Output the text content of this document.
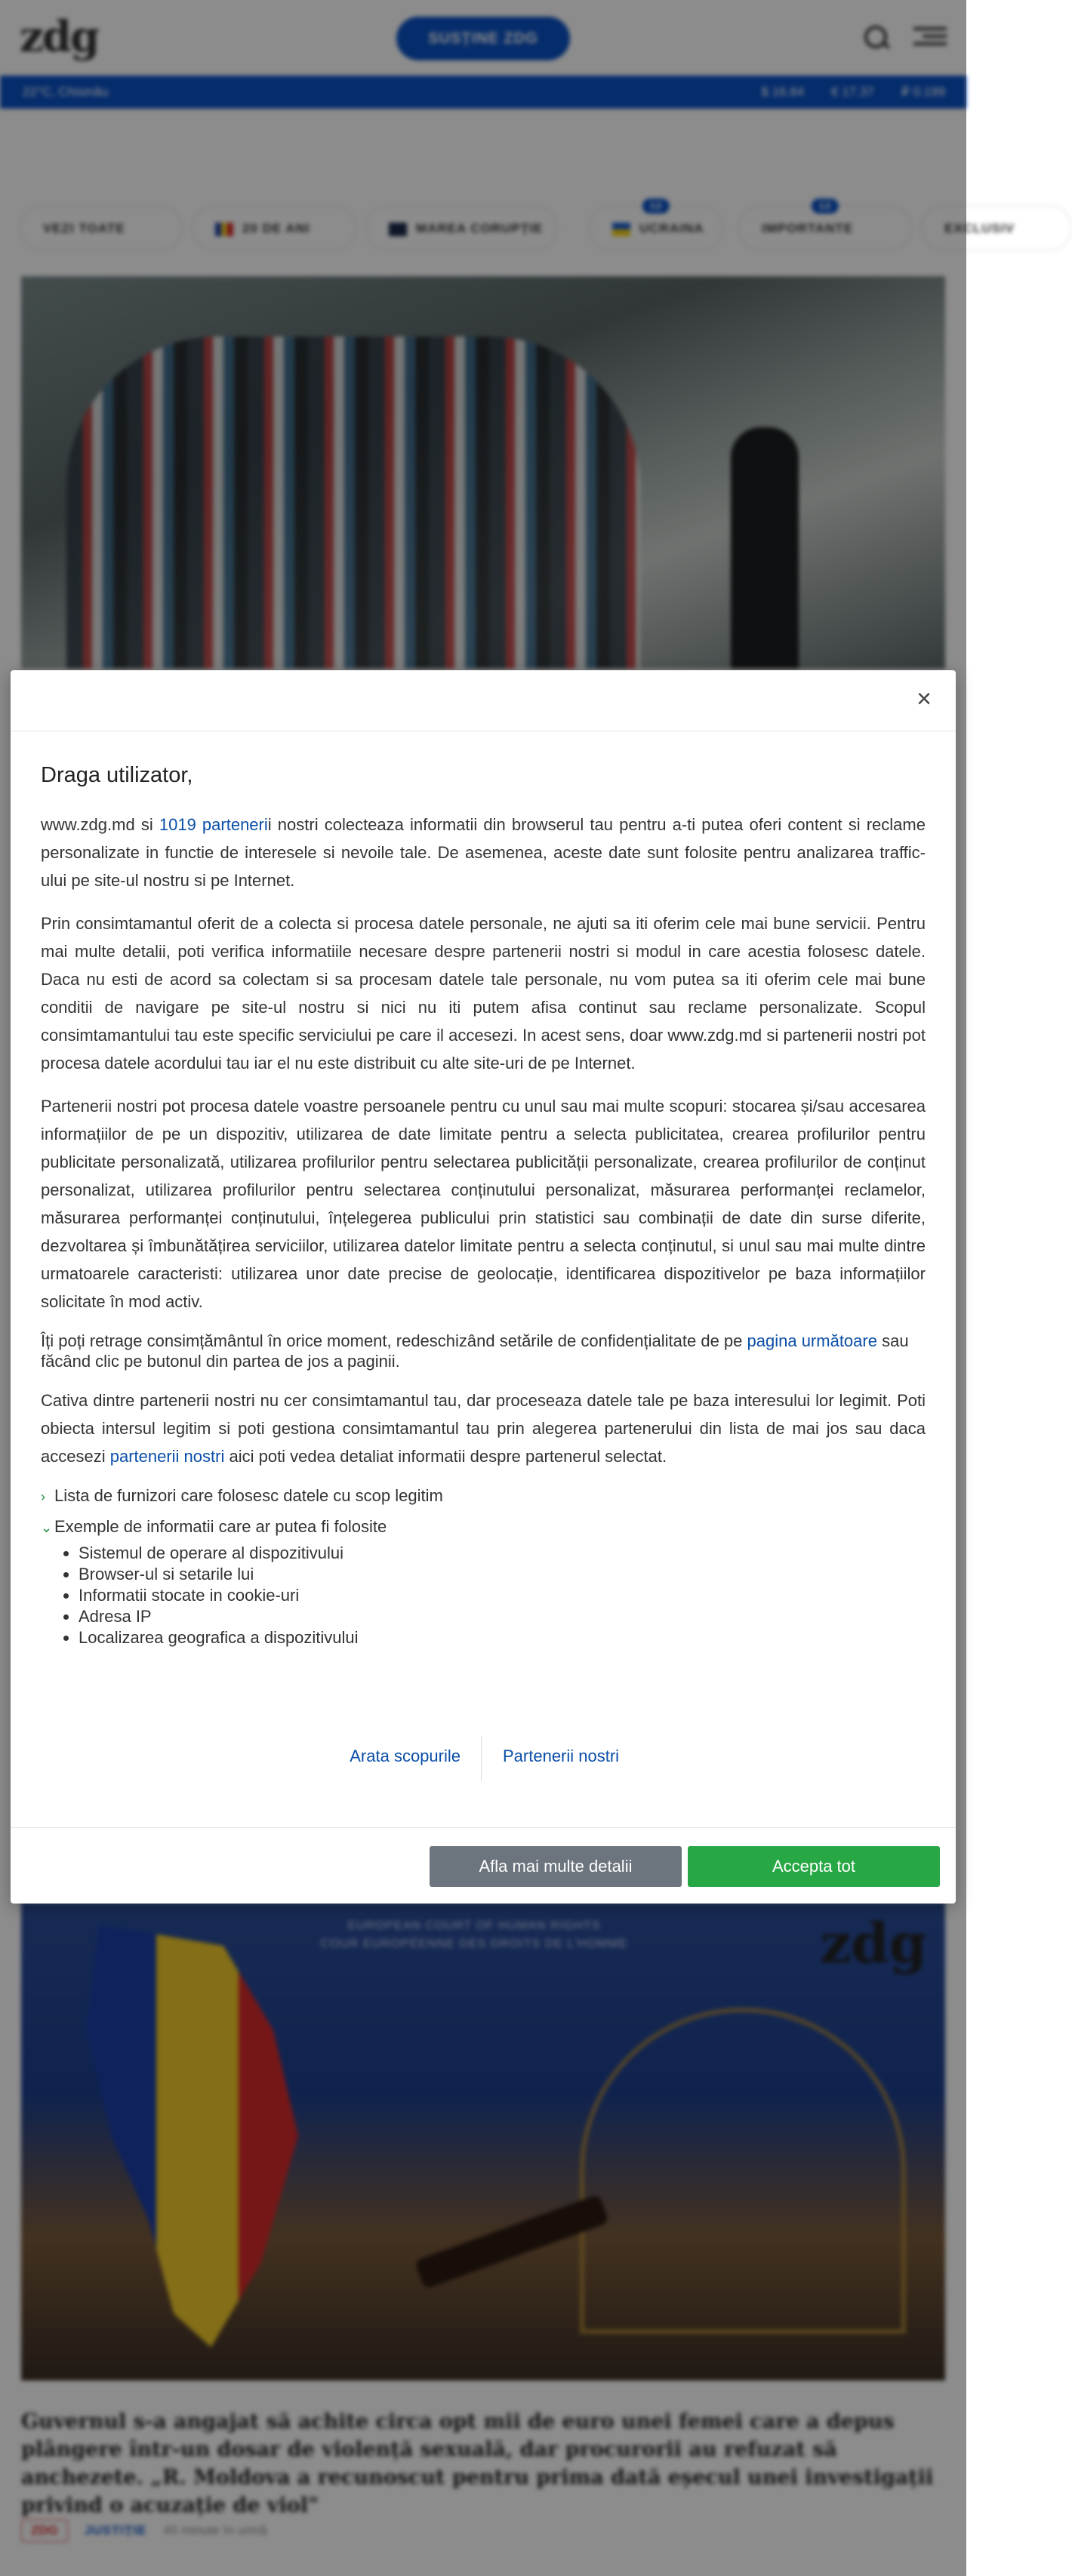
zdg	SUSȚINE ZDG
22°C, Chisinău	$ 16.84 € 17.37 ₽ 0.199
VEZI TOATE	20 DE ANI	MAREA CORUPȚIE
12
UCRAINA
12
IMPORTANTE	EXCLUSIV
EUROPEAN COURT OF HUMAN RIGHTS
COUR EUROPÉENNE DES DROITS DE L'HOMME	zdg
Guvernul s-a angajat să achite circa opt mii de euro unei femei care a depus plângere într-un dosar de violență sexuală, dar procurorii au refuzat să anchezete. „R. Moldova a recunoscut pentru prima dată eșecul unei investigații privind o acuzație de viol"
ZDG	JUSTIȚIE 45 minute în urmă
×
Draga utilizator,

www.zdg.md si 1019 partenerii nostri colecteaza informatii din browserul tau pentru a-ti putea oferi content si reclame personalizate in functie de interesele si nevoile tale. De asemenea, aceste date sunt folosite pentru analizarea traffic-ului pe site-ul nostru si pe Internet.

Prin consimtamantul oferit de a colecta si procesa datele personale, ne ajuti sa iti oferim cele mai bune servicii. Pentru mai multe detalii, poti verifica informatiile necesare despre partenerii nostri si modul in care acestia folosesc datele. Daca nu esti de acord sa colectam si sa procesam datele tale personale, nu vom putea sa iti oferim cele mai bune conditii de navigare pe site-ul nostru si nici nu iti putem afisa continut sau reclame personalizate. Scopul consimtamantului tau este specific serviciului pe care il accesezi. In acest sens, doar www.zdg.md si partenerii nostri pot procesa datele acordului tau iar el nu este distribuit cu alte site-uri de pe Internet.

Partenerii nostri pot procesa datele voastre persoanele pentru cu unul sau mai multe scopuri: stocarea și/sau accesarea informațiilor de pe un dispozitiv, utilizarea de date limitate pentru a selecta publicitatea, crearea profilurilor pentru publicitate personalizată, utilizarea profilurilor pentru selectarea publicității personalizate, crearea profilurilor de conținut personalizat, utilizarea profilurilor pentru selectarea conținutului personalizat, măsurarea performanței reclamelor, măsurarea performanței conținutului, înțelegerea publicului prin statistici sau combinații de date din surse diferite, dezvoltarea și îmbunătățirea serviciilor, utilizarea datelor limitate pentru a selecta conținutul, si unul sau mai multe dintre urmatoarele caracteristi: utilizarea unor date precise de geolocație, identificarea dispozitivelor pe baza informațiilor solicitate în mod activ.

Îți poți retrage consimțământul în orice moment, redeschizând setările de confidențialitate de pe pagina următoare sau făcând clic pe butonul din partea de jos a paginii.

Cativa dintre partenerii nostri nu cer consimtamantul tau, dar proceseaza datele tale pe baza interesului lor legimit. Poti obiecta intersul legitim si poti gestiona consimtamantul tau prin alegerea partenerului din lista de mai jos sau daca accesezi partenerii nostri aici poti vedea detaliat informatii despre partenerul selectat.

› Lista de furnizori care folosesc datele cu scop legitim
⌄ Exemple de informatii care ar putea fi folosite
• Sistemul de operare al dispozitivului
• Browser-ul si setarile lui
• Informatii stocate in cookie-uri
• Adresa IP
• Localizarea geografica a dispozitivului
Arata scopurile	Partenerii nostri
Afla mai multe detalii	Accepta tot
